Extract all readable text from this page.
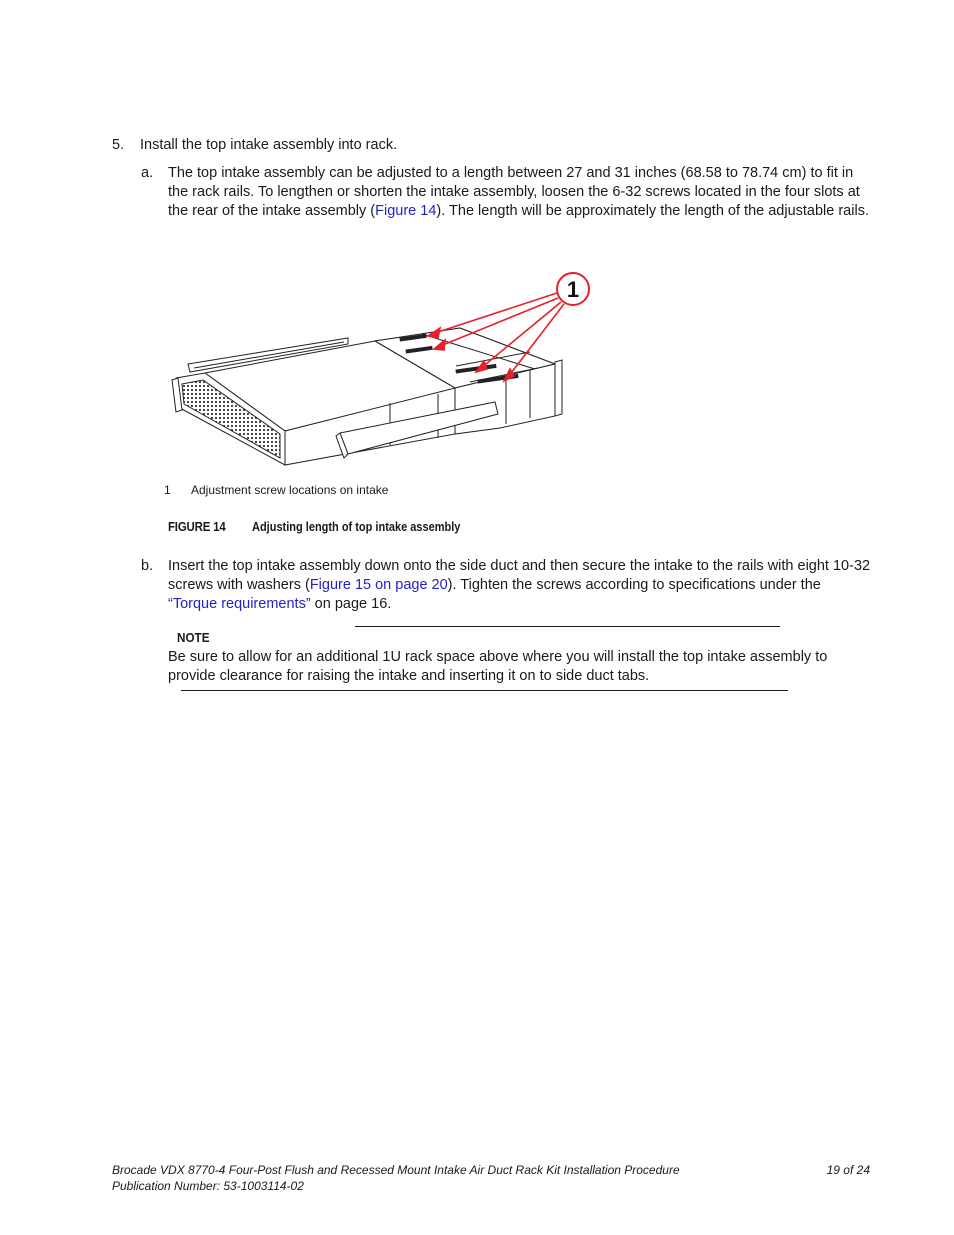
5. Install the top intake assembly into rack.
a. The top intake assembly can be adjusted to a length between 27 and 31 inches (68.58 to 78.74 cm) to fit in the rack rails. To lengthen or shorten the intake assembly, loosen the 6-32 screws located in the four slots at the rear of the intake assembly (Figure 14). The length will be approximately the length of the adjustable rails.
1
1 Adjustment screw locations on intake
FIGURE 14 Adjusting length of top intake assembly
b. Insert the top intake assembly down onto the side duct and then secure the intake to the rails with eight 10-32 screws with washers (Figure 15 on page 20). Tighten the screws according to specifications under the “Torque requirements” on page 16.
NOTE
Be sure to allow for an additional 1U rack space above where you will install the top intake assembly to provide clearance for raising the intake and inserting it on to side duct tabs.
Brocade VDX 8770-4 Four-Post Flush and Recessed Mount Intake Air Duct Rack Kit Installation Procedure
Publication Number: 53-1003114-02
19 of 24
